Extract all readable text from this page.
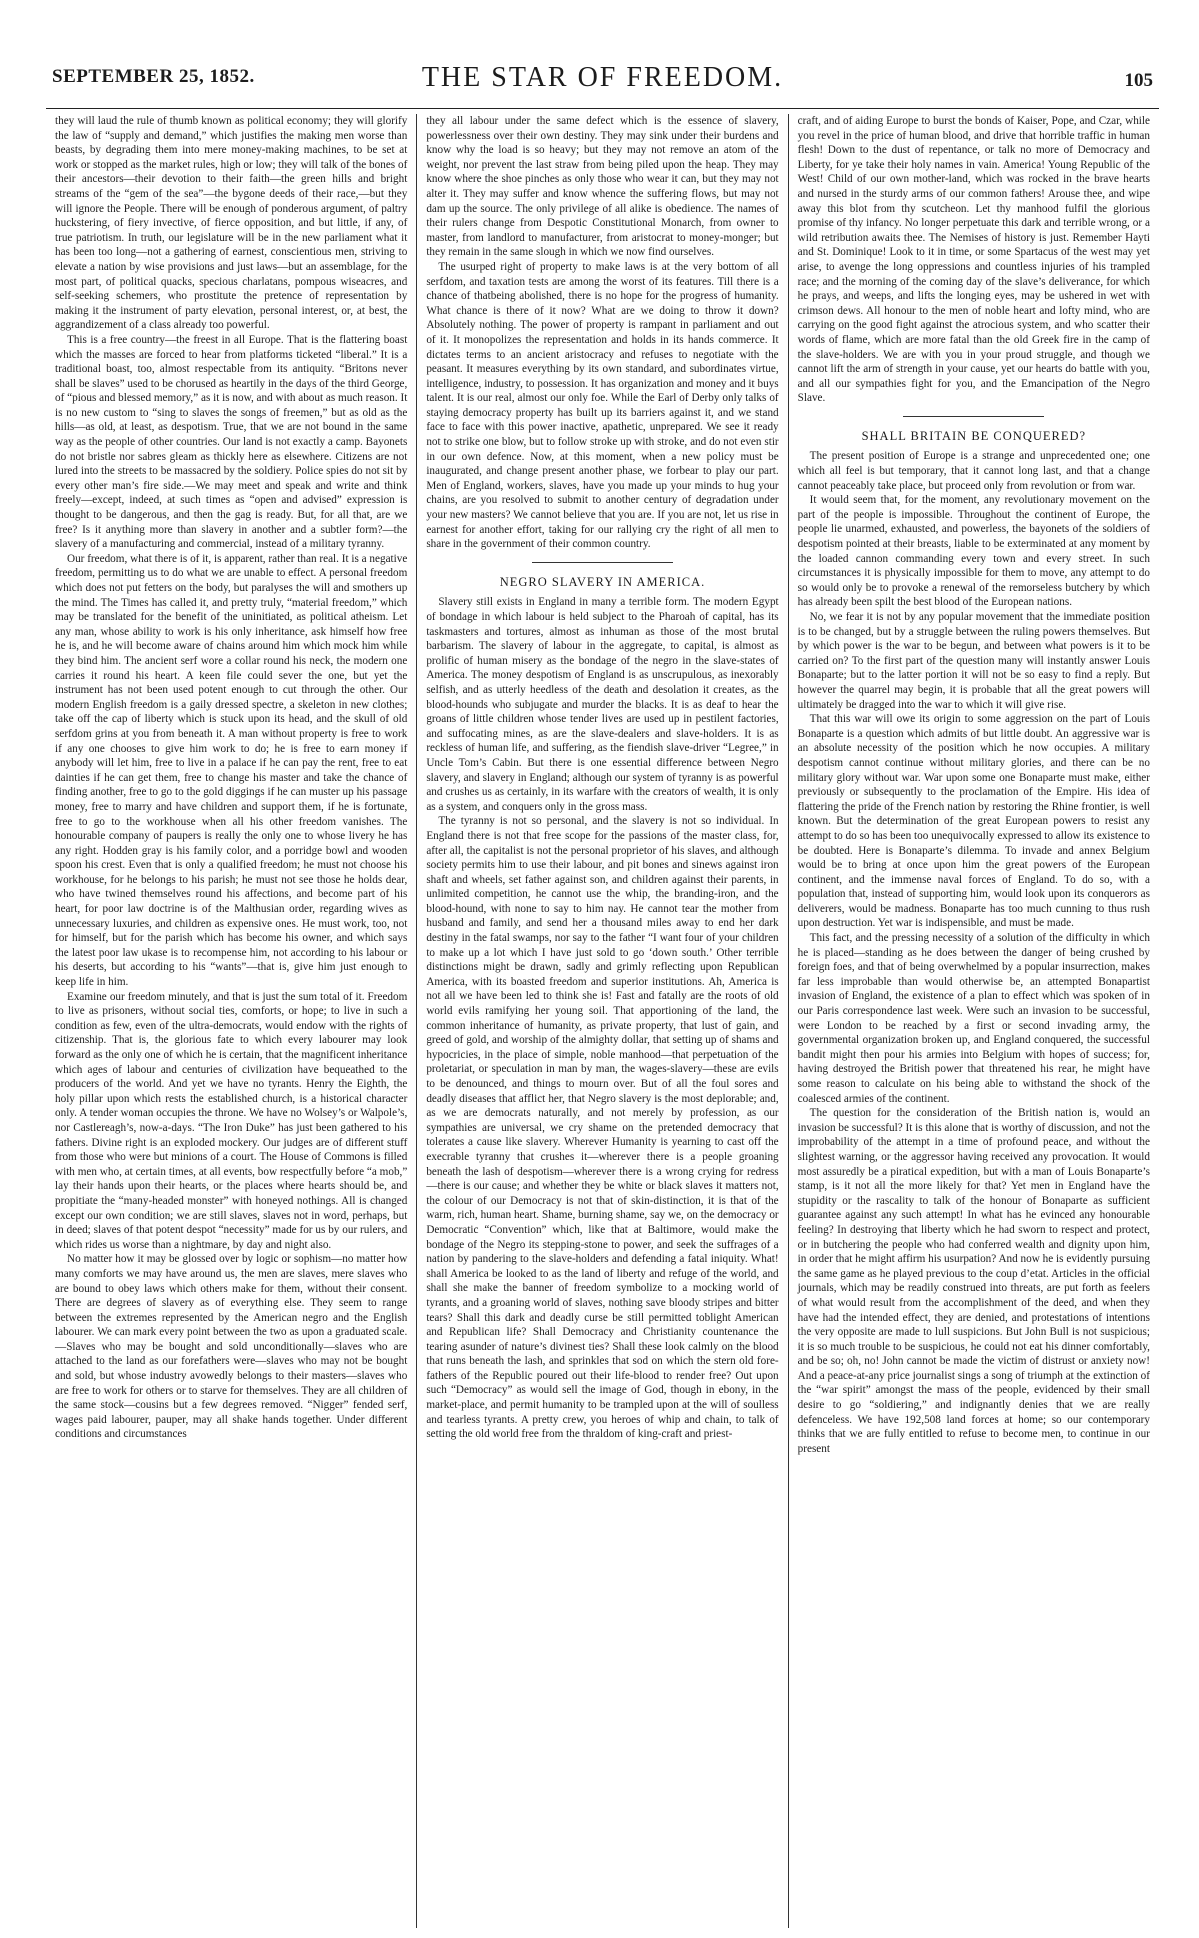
SEPTEMBER 25, 1852.	THE STAR OF FREEDOM.	105

they will laud the rule of thumb known as political economy; they will glorify the law of “supply and demand,” which justifies the making men worse than beasts, by degrading them into mere money-making machines, to be set at work or stopped as the market rules, high or low; they will talk of the bones of their ancestors—their devotion to their faith—the green hills and bright streams of the “gem of the sea”—the bygone deeds of their race,—but they will ignore the People. There will be enough of ponderous argument, of paltry huckstering, of fiery invective, of fierce opposition, and but little, if any, of true patriotism. In truth, our legislature will be in the new parliament what it has been too long—not a gathering of earnest, conscientious men, striving to elevate a nation by wise provisions and just laws—but an assemblage, for the most part, of political quacks, specious charlatans, pompous wiseacres, and self-seeking schemers, who prostitute the pretence of representation by making it the instrument of party elevation, personal interest, or, at best, the aggrandizement of a class already too powerful.

This is a free country—the freest in all Europe. That is the flattering boast which the masses are forced to hear from platforms ticketed “liberal.” It is a traditional boast, too, almost respectable from its antiquity. “Britons never shall be slaves” used to be chorused as heartily in the days of the third George, of “pious and blessed memory,” as it is now, and with about as much reason. It is no new custom to “sing to slaves the songs of freemen,” but as old as the hills—as old, at least, as despotism. True, that we are not bound in the same way as the people of other countries. Our land is not exactly a camp. Bayonets do not bristle nor sabres gleam as thickly here as elsewhere. Citizens are not lured into the streets to be massacred by the soldiery. Police spies do not sit by every other man’s fire side.—We may meet and speak and write and think freely—except, indeed, at such times as “open and advised” expression is thought to be dangerous, and then the gag is ready. But, for all that, are we free? Is it anything more than slavery in another and a subtler form?—the slavery of a manufacturing and commercial, instead of a military tyranny.

Our freedom, what there is of it, is apparent, rather than real. It is a negative freedom, permitting us to do what we are unable to effect. A personal freedom which does not put fetters on the body, but paralyses the will and smothers up the mind. The Times has called it, and pretty truly, “material freedom,” which may be translated for the benefit of the uninitiated, as political atheism. Let any man, whose ability to work is his only inheritance, ask himself how free he is, and he will become aware of chains around him which mock him while they bind him. The ancient serf wore a collar round his neck, the modern one carries it round his heart. A keen file could sever the one, but yet the instrument has not been used potent enough to cut through the other. Our modern English freedom is a gaily dressed spectre, a skeleton in new clothes; take off the cap of liberty which is stuck upon its head, and the skull of old serfdom grins at you from beneath it. A man without property is free to work if any one chooses to give him work to do; he is free to earn money if anybody will let him, free to live in a palace if he can pay the rent, free to eat dainties if he can get them, free to change his master and take the chance of finding another, free to go to the gold diggings if he can muster up his passage money, free to marry and have children and support them, if he is fortunate, free to go to the workhouse when all his other freedom vanishes. The honourable company of paupers is really the only one to whose livery he has any right. Hodden gray is his family color, and a porridge bowl and wooden spoon his crest. Even that is only a qualified freedom; he must not choose his workhouse, for he belongs to his parish; he must not see those he holds dear, who have twined themselves round his affections, and become part of his heart, for poor law doctrine is of the Malthusian order, regarding wives as unnecessary luxuries, and children as expensive ones. He must work, too, not for himself, but for the parish which has become his owner, and which says the latest poor law ukase is to recompense him, not according to his labour or his deserts, but according to his “wants”—that is, give him just enough to keep life in him.

Examine our freedom minutely, and that is just the sum total of it. Freedom to live as prisoners, without social ties, comforts, or hope; to live in such a condition as few, even of the ultra-democrats, would endow with the rights of citizenship. That is, the glorious fate to which every labourer may look forward as the only one of which he is certain, that the magnificent inheritance which ages of labour and centuries of civilization have bequeathed to the producers of the world. And yet we have no tyrants. Henry the Eighth, the holy pillar upon which rests the established church, is a historical character only. A tender woman occupies the throne. We have no Wolsey’s or Walpole’s, nor Castlereagh’s, now-a-days. “The Iron Duke” has just been gathered to his fathers. Divine right is an exploded mockery. Our judges are of different stuff from those who were but minions of a court. The House of Commons is filled with men who, at certain times, at all events, bow respectfully before “a mob,” lay their hands upon their hearts, or the places where hearts should be, and propitiate the “many-headed monster” with honeyed nothings. All is changed except our own condition; we are still slaves, slaves not in word, perhaps, but in deed; slaves of that potent despot “necessity” made for us by our rulers, and which rides us worse than a nightmare, by day and night also.

No matter how it may be glossed over by logic or sophism—no matter how many comforts we may have around us, the men are slaves, mere slaves who are bound to obey laws which others make for them, without their consent. There are degrees of slavery as of everything else. They seem to range between the extremes represented by the American negro and the English labourer. We can mark every point between the two as upon a graduated scale.—Slaves who may be bought and sold unconditionally—slaves who are attached to the land as our forefathers were—slaves who may not be bought and sold, but whose industry avowedly belongs to their masters—slaves who are free to work for others or to starve for themselves. They are all children of the same stock—cousins but a few degrees removed. “Nigger” fended serf, wages paid labourer, pauper, may all shake hands together. Under different conditions and circumstances

they all labour under the same defect which is the essence of slavery, powerlessness over their own destiny. They may sink under their burdens and know why the load is so heavy; but they may not remove an atom of the weight, nor prevent the last straw from being piled upon the heap. They may know where the shoe pinches as only those who wear it can, but they may not alter it. They may suffer and know whence the suffering flows, but may not dam up the source. The only privilege of all alike is obedience. The names of their rulers change from Despotic Constitutional Monarch, from owner to master, from landlord to manufacturer, from aristocrat to money-monger; but they remain in the same slough in which we now find ourselves.

The usurped right of property to make laws is at the very bottom of all serfdom, and taxation tests are among the worst of its features. Till there is a chance of thatbeing abolished, there is no hope for the progress of humanity. What chance is there of it now? What are we doing to throw it down? Absolutely nothing. The power of property is rampant in parliament and out of it. It monopolizes the representation and holds in its hands commerce. It dictates terms to an ancient aristocracy and refuses to negotiate with the peasant. It measures everything by its own standard, and subordinates virtue, intelligence, industry, to possession. It has organization and money and it buys talent. It is our real, almost our only foe. While the Earl of Derby only talks of staying democracy property has built up its barriers against it, and we stand face to face with this power inactive, apathetic, unprepared. We see it ready not to strike one blow, but to follow stroke up with stroke, and do not even stir in our own defence. Now, at this moment, when a new policy must be inaugurated, and change present another phase, we forbear to play our part. Men of England, workers, slaves, have you made up your minds to hug your chains, are you resolved to submit to another century of degradation under your new masters? We cannot believe that you are. If you are not, let us rise in earnest for another effort, taking for our rallying cry the right of all men to share in the government of their common country.

NEGRO SLAVERY IN AMERICA.

Slavery still exists in England in many a terrible form. The modern Egypt of bondage in which labour is held subject to the Pharoah of capital, has its taskmasters and tortures, almost as inhuman as those of the most brutal barbarism. The slavery of labour in the aggregate, to capital, is almost as prolific of human misery as the bondage of the negro in the slave-states of America. The money despotism of England is as unscrupulous, as inexorably selfish, and as utterly heedless of the death and desolation it creates, as the blood-hounds who subjugate and murder the blacks. It is as deaf to hear the groans of little children whose tender lives are used up in pestilent factories, and suffocating mines, as are the slave-dealers and slave-holders. It is as reckless of human life, and suffering, as the fiendish slave-driver “Legree,” in Uncle Tom’s Cabin. But there is one essential difference between Negro slavery, and slavery in England; although our system of tyranny is as powerful and crushes us as certainly, in its warfare with the creators of wealth, it is only as a system, and conquers only in the gross mass.

The tyranny is not so personal, and the slavery is not so individual. In England there is not that free scope for the passions of the master class, for, after all, the capitalist is not the personal proprietor of his slaves, and although society permits him to use their labour, and pit bones and sinews against iron shaft and wheels, set father against son, and children against their parents, in unlimited competition, he cannot use the whip, the branding-iron, and the blood-hound, with none to say to him nay. He cannot tear the mother from husband and family, and send her a thousand miles away to end her dark destiny in the fatal swamps, nor say to the father “I want four of your children to make up a lot which I have just sold to go ‘down south.’ Other terrible distinctions might be drawn, sadly and grimly reflecting upon Republican America, with its boasted freedom and superior institutions. Ah, America is not all we have been led to think she is! Fast and fatally are the roots of old world evils ramifying her young soil. That apportioning of the land, the common inheritance of humanity, as private property, that lust of gain, and greed of gold, and worship of the almighty dollar, that setting up of shams and hypocricies, in the place of simple, noble manhood—that perpetuation of the proletariat, or speculation in man by man, the wages-slavery—these are evils to be denounced, and things to mourn over. But of all the foul sores and deadly diseases that afflict her, that Negro slavery is the most deplorable; and, as we are democrats naturally, and not merely by profession, as our sympathies are universal, we cry shame on the pretended democracy that tolerates a cause like slavery. Wherever Humanity is yearning to cast off the execrable tyranny that crushes it—wherever there is a people groaning beneath the lash of despotism—wherever there is a wrong crying for redress—there is our cause; and whether they be white or black slaves it matters not, the colour of our Democracy is not that of skin-distinction, it is that of the warm, rich, human heart. Shame, burning shame, say we, on the democracy or Democratic “Convention” which, like that at Baltimore, would make the bondage of the Negro its stepping-stone to power, and seek the suffrages of a nation by pandering to the slave-holders and defending a fatal iniquity. What! shall America be looked to as the land of liberty and refuge of the world, and shall she make the banner of freedom symbolize to a mocking world of tyrants, and a groaning world of slaves, nothing save bloody stripes and bitter tears? Shall this dark and deadly curse be still permitted toblight American and Republican life? Shall Democracy and Christianity countenance the tearing asunder of nature’s divinest ties? Shall these look calmly on the blood that runs beneath the lash, and sprinkles that sod on which the stern old fore-fathers of the Republic poured out their life-blood to render free? Out upon such “Democracy” as would sell the image of God, though in ebony, in the market-place, and permit humanity to be trampled upon at the will of soulless and tearless tyrants. A pretty crew, you heroes of whip and chain, to talk of setting the old world free from the thraldom of king-craft and priest-

craft, and of aiding Europe to burst the bonds of Kaiser, Pope, and Czar, while you revel in the price of human blood, and drive that horrible traffic in human flesh! Down to the dust of repentance, or talk no more of Democracy and Liberty, for ye take their holy names in vain. America! Young Republic of the West! Child of our own mother-land, which was rocked in the brave hearts and nursed in the sturdy arms of our common fathers! Arouse thee, and wipe away this blot from thy scutcheon. Let thy manhood fulfil the glorious promise of thy infancy. No longer perpetuate this dark and terrible wrong, or a wild retribution awaits thee. The Nemises of history is just. Remember Hayti and St. Dominique! Look to it in time, or some Spartacus of the west may yet arise, to avenge the long oppressions and countless injuries of his trampled race; and the morning of the coming day of the slave’s deliverance, for which he prays, and weeps, and lifts the longing eyes, may be ushered in wet with crimson dews. All honour to the men of noble heart and lofty mind, who are carrying on the good fight against the atrocious system, and who scatter their words of flame, which are more fatal than the old Greek fire in the camp of the slave-holders. We are with you in your proud struggle, and though we cannot lift the arm of strength in your cause, yet our hearts do battle with you, and all our sympathies fight for you, and the Emancipation of the Negro Slave.

SHALL BRITAIN BE CONQUERED?

The present position of Europe is a strange and unprecedented one; one which all feel is but temporary, that it cannot long last, and that a change cannot peaceably take place, but proceed only from revolution or from war.

It would seem that, for the moment, any revolutionary movement on the part of the people is impossible. Throughout the continent of Europe, the people lie unarmed, exhausted, and powerless, the bayonets of the soldiers of despotism pointed at their breasts, liable to be exterminated at any moment by the loaded cannon commanding every town and every street. In such circumstances it is physically impossible for them to move, any attempt to do so would only be to provoke a renewal of the remorseless butchery by which has already been spilt the best blood of the European nations.

No, we fear it is not by any popular movement that the immediate position is to be changed, but by a struggle between the ruling powers themselves. But by which power is the war to be begun, and between what powers is it to be carried on? To the first part of the question many will instantly answer Louis Bonaparte; but to the latter portion it will not be so easy to find a reply. But however the quarrel may begin, it is probable that all the great powers will ultimately be dragged into the war to which it will give rise.

That this war will owe its origin to some aggression on the part of Louis Bonaparte is a question which admits of but little doubt. An aggressive war is an absolute necessity of the position which he now occupies. A military despotism cannot continue without military glories, and there can be no military glory without war. War upon some one Bonaparte must make, either previously or subsequently to the proclamation of the Empire. His idea of flattering the pride of the French nation by restoring the Rhine frontier, is well known. But the determination of the great European powers to resist any attempt to do so has been too unequivocally expressed to allow its existence to be doubted. Here is Bonaparte’s dilemma. To invade and annex Belgium would be to bring at once upon him the great powers of the European continent, and the immense naval forces of England. To do so, with a population that, instead of supporting him, would look upon its conquerors as deliverers, would be madness. Bonaparte has too much cunning to thus rush upon destruction. Yet war is indispensible, and must be made.

This fact, and the pressing necessity of a solution of the difficulty in which he is placed—standing as he does between the danger of being crushed by foreign foes, and that of being overwhelmed by a popular insurrection, makes far less improbable than would otherwise be, an attempted Bonapartist invasion of England, the existence of a plan to effect which was spoken of in our Paris correspondence last week. Were such an invasion to be successful, were London to be reached by a first or second invading army, the governmental organization broken up, and England conquered, the successful bandit might then pour his armies into Belgium with hopes of success; for, having destroyed the British power that threatened his rear, he might have some reason to calculate on his being able to withstand the shock of the coalesced armies of the continent.

The question for the consideration of the British nation is, would an invasion be successful? It is this alone that is worthy of discussion, and not the improbability of the attempt in a time of profound peace, and without the slightest warning, or the aggressor having received any provocation. It would most assuredly be a piratical expedition, but with a man of Louis Bonaparte’s stamp, is it not all the more likely for that? Yet men in England have the stupidity or the rascality to talk of the honour of Bonaparte as sufficient guarantee against any such attempt! In what has he evinced any honourable feeling? In destroying that liberty which he had sworn to respect and protect, or in butchering the people who had conferred wealth and dignity upon him, in order that he might affirm his usurpation? And now he is evidently pursuing the same game as he played previous to the coup d’etat. Articles in the official journals, which may be readily construed into threats, are put forth as feelers of what would result from the accomplishment of the deed, and when they have had the intended effect, they are denied, and protestations of intentions the very opposite are made to lull suspicions. But John Bull is not suspicious; it is so much trouble to be suspicious, he could not eat his dinner comfortably, and be so; oh, no! John cannot be made the victim of distrust or anxiety now! And a peace-at-any price journalist sings a song of triumph at the extinction of the “war spirit” amongst the mass of the people, evidenced by their small desire to go “soldiering,” and indignantly denies that we are really defenceless. We have 192,508 land forces at home; so our contemporary thinks that we are fully entitled to refuse to become men, to continue in our present
